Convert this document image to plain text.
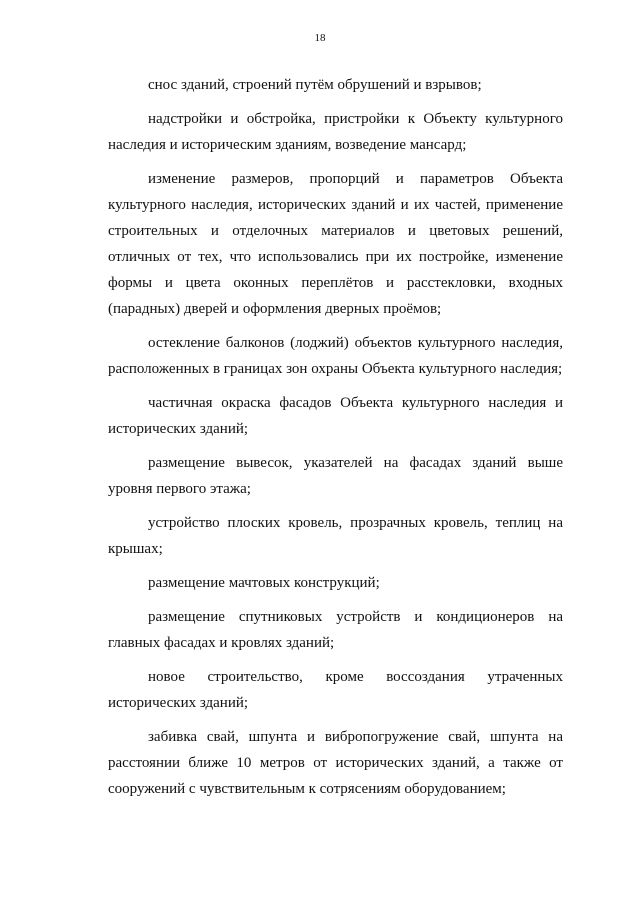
18

снос зданий, строений путём обрушений и взрывов;

надстройки и обстройка, пристройки к Объекту культурного наследия и историческим зданиям, возведение мансард;

изменение размеров, пропорций и параметров Объекта культурного наследия, исторических зданий и их частей, применение строительных и отделочных материалов и цветовых решений, отличных от тех, что использовались при их постройке, изменение формы и цвета оконных переплётов и расстекловки, входных (парадных) дверей и оформления дверных проёмов;

остекление балконов (лоджий) объектов культурного наследия, расположенных в границах зон охраны Объекта культурного наследия;

частичная окраска фасадов Объекта культурного наследия и исторических зданий;

размещение вывесок, указателей на фасадах зданий выше уровня первого этажа;

устройство плоских кровель, прозрачных кровель, теплиц на крышах;

размещение мачтовых конструкций;

размещение спутниковых устройств и кондиционеров на главных фасадах и кровлях зданий;

новое строительство, кроме воссоздания утраченных исторических зданий;

забивка свай, шпунта и вибропогружение свай, шпунта на расстоянии ближе 10 метров от исторических зданий, а также от сооружений с чувствительным к сотрясениям оборудованием;
